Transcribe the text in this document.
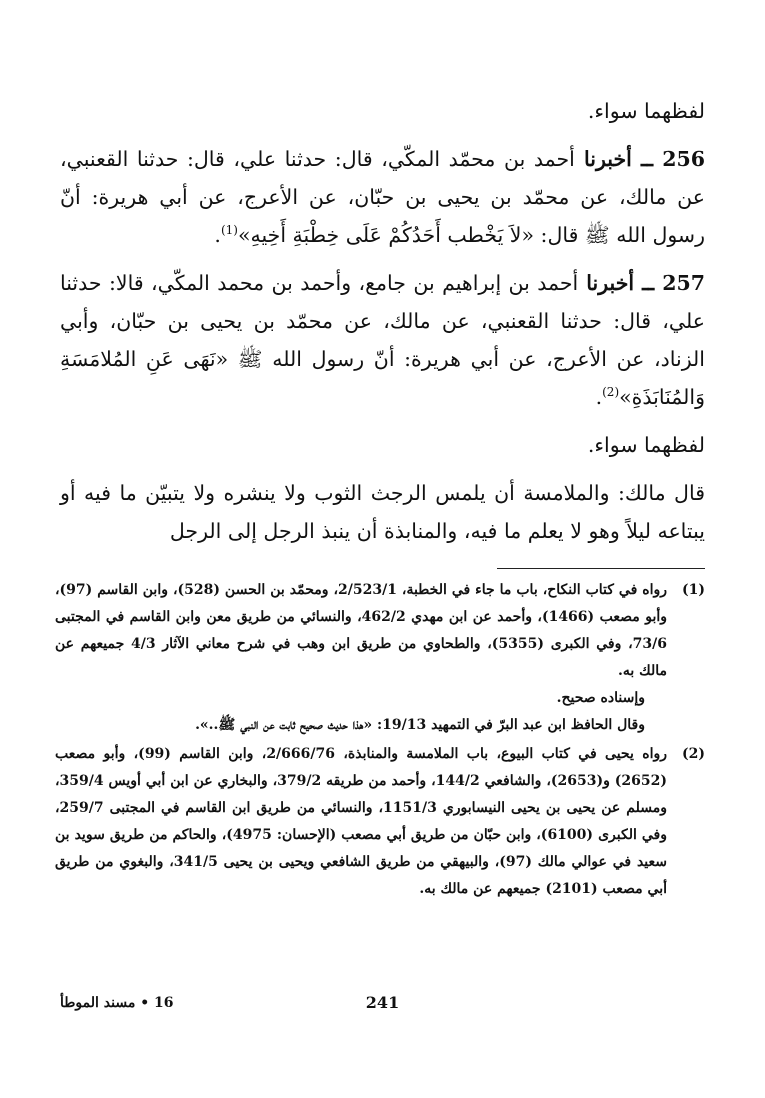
لفظهما سواء.

256 ــ أخبرنا أحمد بن محمّد المكّي، قال: حدثنا علي، قال: حدثنا القعنبي، عن مالك، عن محمّد بن يحيى بن حبّان، عن الأعرج، عن أبي هريرة: أنّ رسول الله ﷺ قال: «لاَ يَخْطب أَحَدُكُمْ عَلَى خِطْبَةِ أَخِيهِ»$^{(1)}$.

257 ــ أخبرنا أحمد بن إبراهيم بن جامع، وأحمد بن محمد المكّي، قالا: حدثنا علي، قال: حدثنا القعنبي، عن مالك، عن محمّد بن يحيى بن حبّان، وأبي الزناد، عن الأعرج، عن أبي هريرة: أنّ رسول الله ﷺ «نَهَى عَنِ المُلامَسَةِ وَالمُنَابَذَةِ»$^{(2)}$.

لفظهما سواء.

قال مالك: والملامسة أن يلمس الرجث الثوب ولا ينشره ولا يتبيّن ما فيه أو يبتاعه ليلاً وهو لا يعلم ما فيه، والمنابذة أن ينبذ الرجل إلى الرجل

(1)

رواه في كتاب النكاح، باب ما جاء في الخطبة، 2/523/1، ومحمّد بن الحسن (528)، وابن القاسم (97)، وأبو مصعب (1466)، وأحمد عن ابن مهدي 462/2، والنسائي من طريق معن وابن القاسم في المجتبى 73/6، وفي الكبرى (5355)، والطحاوي من طريق ابن وهب في شرح معاني الآثار 4/3 جميعهم عن مالك به.

وإسناده صحيح.

وقال الحافظ ابن عبد البرّ في التمهيد 19/13: «هذا حديث صحيح ثابت عن النبي ﷺ..».

(2)

رواه يحيى في كتاب البيوع، باب الملامسة والمنابذة، 2/666/76، وابن القاسم (99)، وأبو مصعب (2652) و(2653)، والشافعي 144/2، وأحمد من طريقه 379/2، والبخاري عن ابن أبي أويس 359/4، ومسلم عن يحيى بن يحيى النيسابوري 1151/3، والنسائي من طريق ابن القاسم في المجتبى 259/7، وفي الكبرى (6100)، وابن حبّان من طريق أبي مصعب (الإحسان: 4975)، والحاكم من طريق سويد بن سعيد في عوالي مالك (97)، والبيهقي من طريق الشافعي ويحيى بن يحيى 341/5، والبغوي من طريق أبي مصعب (2101) جميعهم عن مالك به.

241
16 • مسند الموطأ
